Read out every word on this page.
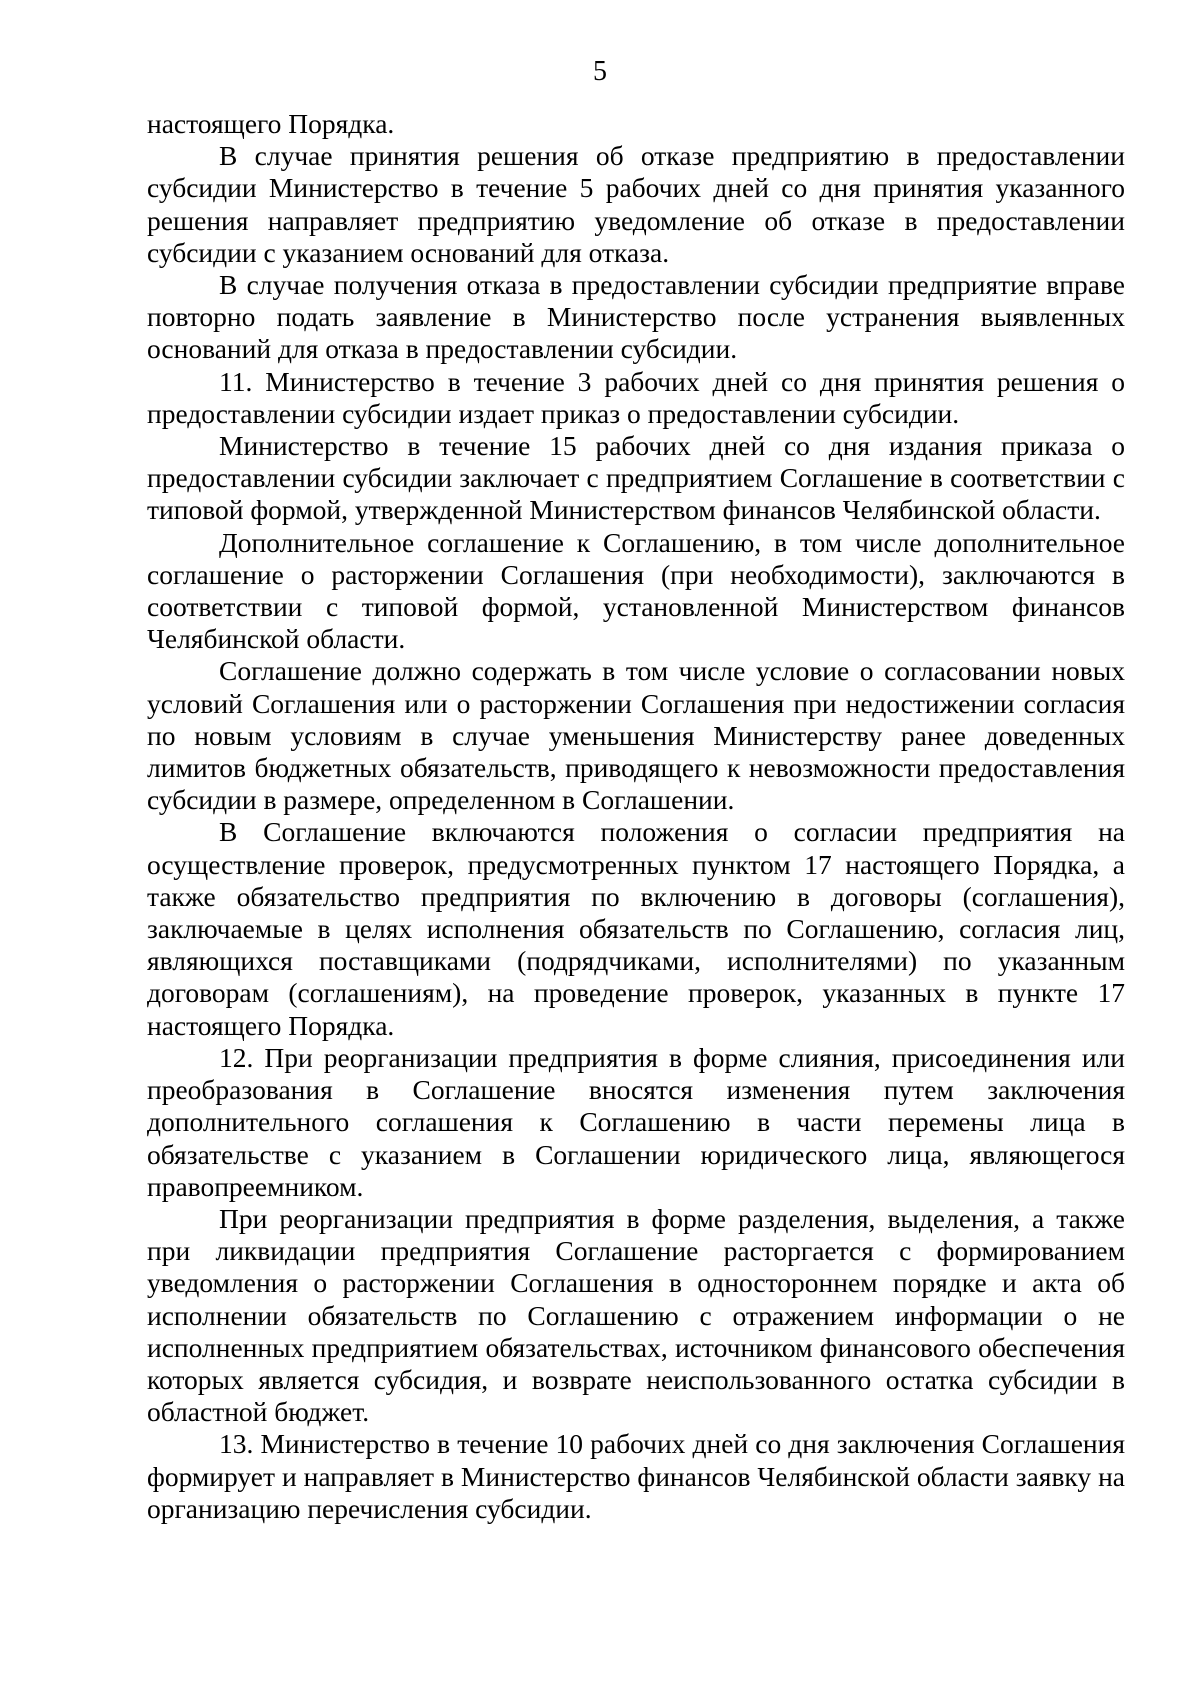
5

настоящего Порядка.

В случае принятия решения об отказе предприятию в предоставлении субсидии Министерство в течение 5 рабочих дней со дня принятия указанного решения направляет предприятию уведомление об отказе в предоставлении субсидии с указанием оснований для отказа.

В случае получения отказа в предоставлении субсидии предприятие вправе повторно подать заявление в Министерство после устранения выявленных оснований для отказа в предоставлении субсидии.

11. Министерство в течение 3 рабочих дней со дня принятия решения о предоставлении субсидии издает приказ о предоставлении субсидии.

Министерство в течение 15 рабочих дней со дня издания приказа о предоставлении субсидии заключает с предприятием Соглашение в соответствии с типовой формой, утвержденной Министерством финансов Челябинской области.

Дополнительное соглашение к Соглашению, в том числе дополнительное соглашение о расторжении Соглашения (при необходимости), заключаются в соответствии с типовой формой, установленной Министерством финансов Челябинской области.

Соглашение должно содержать в том числе условие о согласовании новых условий Соглашения или о расторжении Соглашения при недостижении согласия по новым условиям в случае уменьшения Министерству ранее доведенных лимитов бюджетных обязательств, приводящего к невозможности предоставления субсидии в размере, определенном в Соглашении.

В Соглашение включаются положения о согласии предприятия на осуществление проверок, предусмотренных пунктом 17 настоящего Порядка, а также обязательство предприятия по включению в договоры (соглашения), заключаемые в целях исполнения обязательств по Соглашению, согласия лиц, являющихся поставщиками (подрядчиками, исполнителями) по указанным договорам (соглашениям), на проведение проверок, указанных в пункте 17 настоящего Порядка.

12. При реорганизации предприятия в форме слияния, присоединения или преобразования в Соглашение вносятся изменения путем заключения дополнительного соглашения к Соглашению в части перемены лица в обязательстве с указанием в Соглашении юридического лица, являющегося правопреемником.

При реорганизации предприятия в форме разделения, выделения, а также при ликвидации предприятия Соглашение расторгается с формированием уведомления о расторжении Соглашения в одностороннем порядке и акта об исполнении обязательств по Соглашению с отражением информации о не исполненных предприятием обязательствах, источником финансового обеспечения которых является субсидия, и возврате неиспользованного остатка субсидии в областной бюджет.

13. Министерство в течение 10 рабочих дней со дня заключения Соглашения формирует и направляет в Министерство финансов Челябинской области заявку на организацию перечисления субсидии.
